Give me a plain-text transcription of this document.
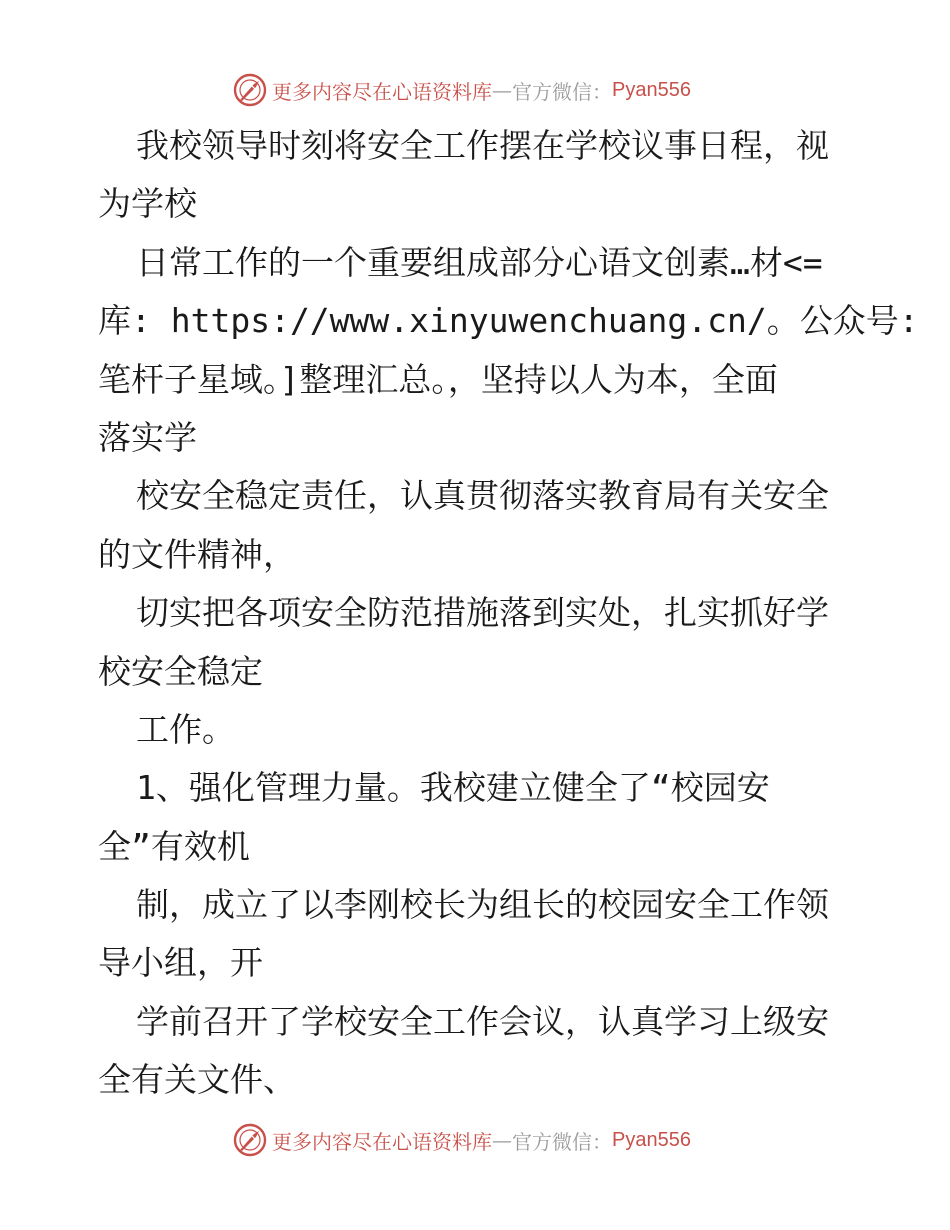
更多内容尽在心语资料库 — 官方微信： Pyan556
我校领导时刻将安全工作摆在学校议事日程，视
为学校
日常工作的一个重要组成部分心语文创素…材<=
库: https://www.xinyuwenchuang.cn/。公众号:
笔杆子星域。]整理汇总。，坚持以人为本，全面
落实学
校安全稳定责任，认真贯彻落实教育局有关安全
的文件精神，
切实把各项安全防范措施落到实处，扎实抓好学
校安全稳定
工作。
1、强化管理力量。我校建立健全了“校园安
全”有效机
制，成立了以李刚校长为组长的校园安全工作领
导小组，开
学前召开了学校安全工作会议，认真学习上级安
全有关文件、
更多内容尽在心语资料库 — 官方微信： Pyan556
